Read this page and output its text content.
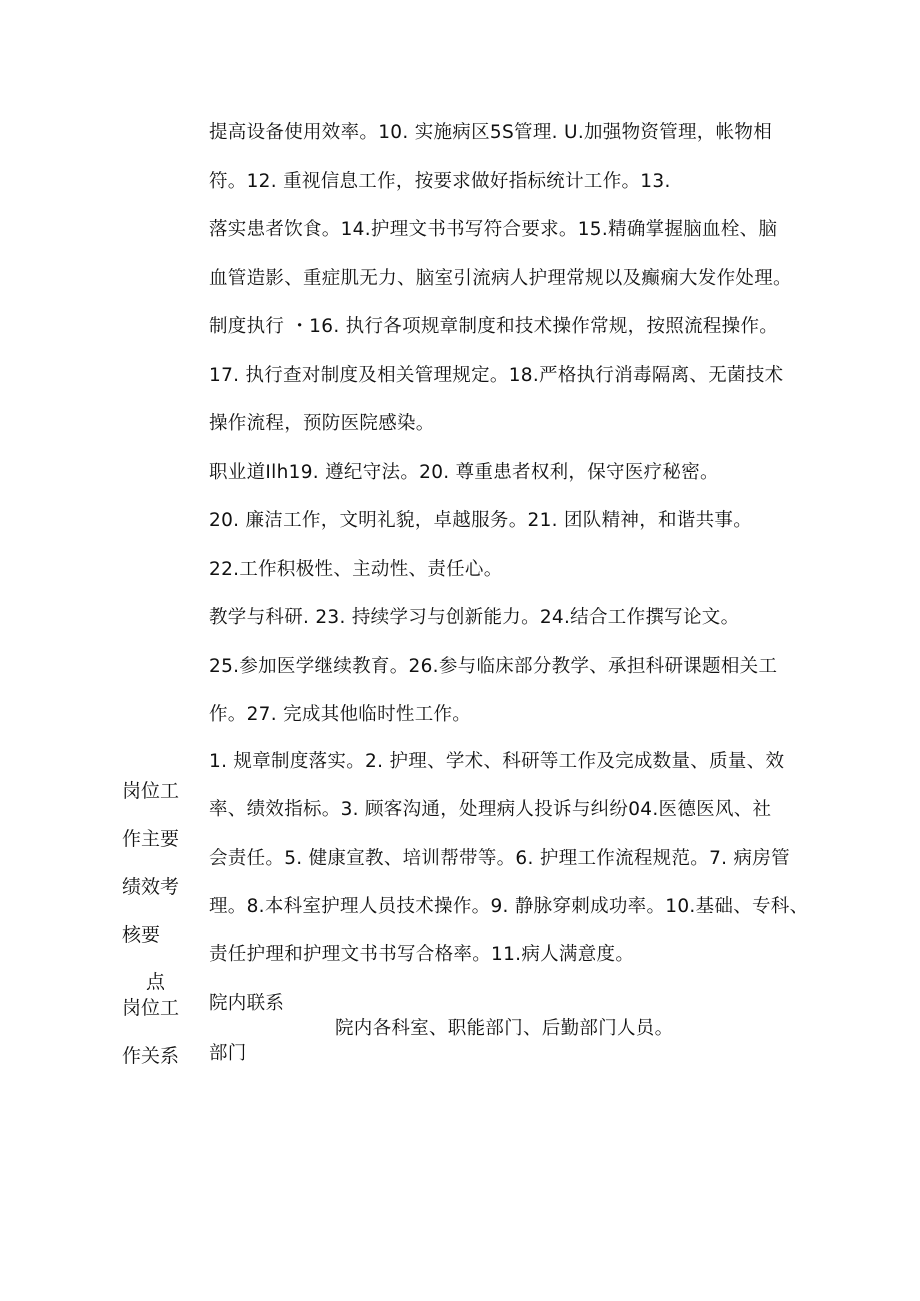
提高设备使用效率。10. 实施病区5S管理. U.加强物资管理，帐物相
符。12. 重视信息工作，按要求做好指标统计工作。13.
落实患者饮食。14.护理文书书写符合要求。15.精确掌握脑血栓、脑
血管造影、重症肌无力、脑室引流病人护理常规以及癫痫大发作处理。
制度执行 ・16. 执行各项规章制度和技术操作常规，按照流程操作。
17. 执行查对制度及相关管理规定。18.严格执行消毒隔离、无菌技术
操作流程，预防医院感染。
职业道Ilh19. 遵纪守法。20. 尊重患者权利，保守医疗秘密。
20. 廉洁工作，文明礼貌，卓越服务。21. 团队精神，和谐共事。
22.工作积极性、主动性、责任心。
教学与科研. 23. 持续学习与创新能力。24.结合工作撰写论文。
25.参加医学继续教育。26.参与临床部分教学、承担科研课题相关工
作。27. 完成其他临时性工作。
岗位工
作主要
绩效考
核要
点
1. 规章制度落实。2. 护理、学术、科研等工作及完成数量、质量、效
率、绩效指标。3. 顾客沟通，处理病人投诉与纠纷04.医德医风、社
会责任。5. 健康宣教、培训帮带等。6. 护理工作流程规范。7. 病房管
理。8.本科室护理人员技术操作。9. 静脉穿刺成功率。10.基础、专科、
责任护理和护理文书书写合格率。11.病人满意度。
岗位工
作关系
院内联系
部门
院内各科室、职能部门、后勤部门人员。
